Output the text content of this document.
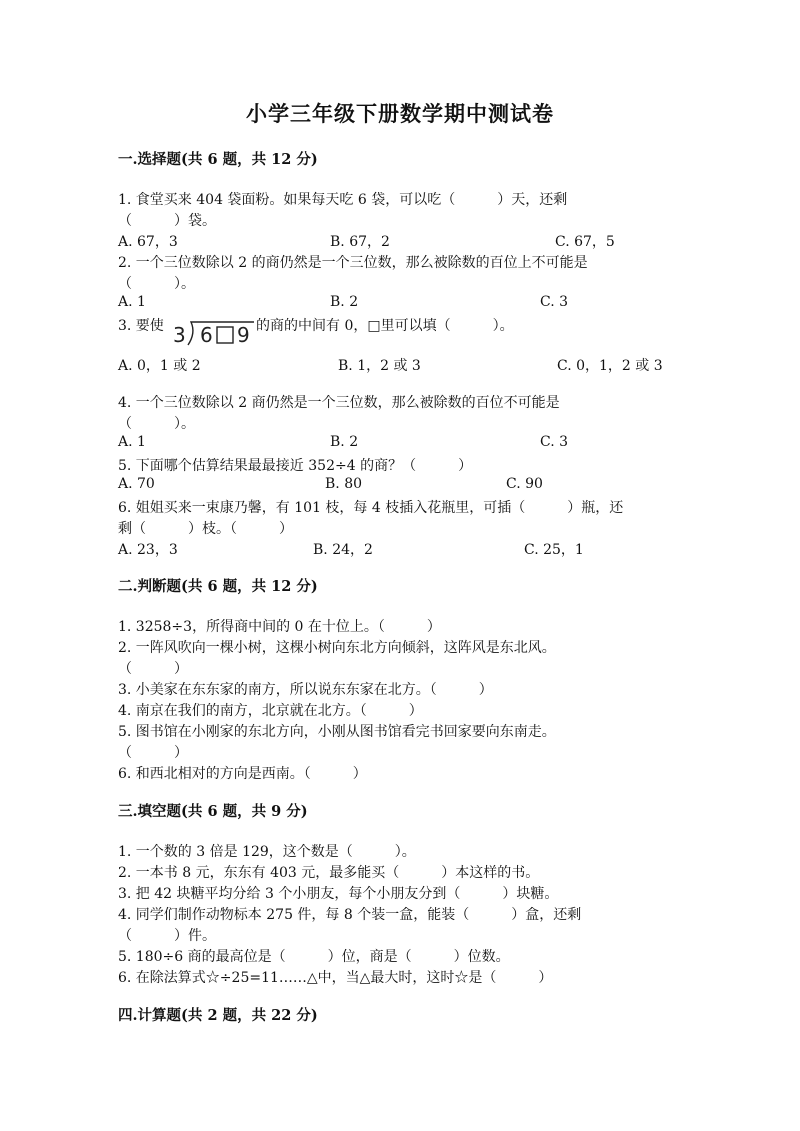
小学三年级下册数学期中测试卷
一.选择题(共 6 题，共 12 分)
1. 食堂买来 404 袋面粉。如果每天吃 6 袋，可以吃（　　　）天，还剩
（　　　）袋。
A. 67，3	B. 67，2	C. 67，5
2. 一个三位数除以 2 的商仍然是一个三位数，那么被除数的百位上不可能是
（　　　）。
A. 1	B. 2	C. 3
3. 要使 3 6 9 的商的中间有 0，□里可以填（　　　）。
A. 0，1 或 2	B. 1，2 或 3	C. 0，1，2 或 3
4. 一个三位数除以 2 商仍然是一个三位数，那么被除数的百位不可能是
（　　　）。
A. 1	B. 2	C. 3
5. 下面哪个估算结果最最接近 352÷4 的商？（　　　）
A. 70	B. 80	C. 90
6. 姐姐买来一束康乃馨，有 101 枝，每 4 枝插入花瓶里，可插（　　　）瓶，还
剩（　　　）枝。（　　　）
A. 23，3	B. 24，2	C. 25，1
二.判断题(共 6 题，共 12 分)
1. 3258÷3，所得商中间的 0 在十位上。（　　　）
2. 一阵风吹向一棵小树，这棵小树向东北方向倾斜，这阵风是东北风。
（　　　）
3. 小美家在东东家的南方，所以说东东家在北方。（　　　）
4. 南京在我们的南方，北京就在北方。（　　　）
5. 图书馆在小刚家的东北方向，小刚从图书馆看完书回家要向东南走。
（　　　）
6. 和西北相对的方向是西南。（　　　）
三.填空题(共 6 题，共 9 分)
1. 一个数的 3 倍是 129，这个数是（　　　）。
2. 一本书 8 元，东东有 403 元，最多能买（　　　）本这样的书。
3. 把 42 块糖平均分给 3 个小朋友，每个小朋友分到（　　　）块糖。
4. 同学们制作动物标本 275 件，每 8 个装一盒，能装（　　　）盒，还剩
（　　　）件。
5. 180÷6 商的最高位是（　　　）位，商是（　　　）位数。
6. 在除法算式☆÷25=11……△中，当△最大时，这时☆是（　　　）
四.计算题(共 2 题，共 22 分)
